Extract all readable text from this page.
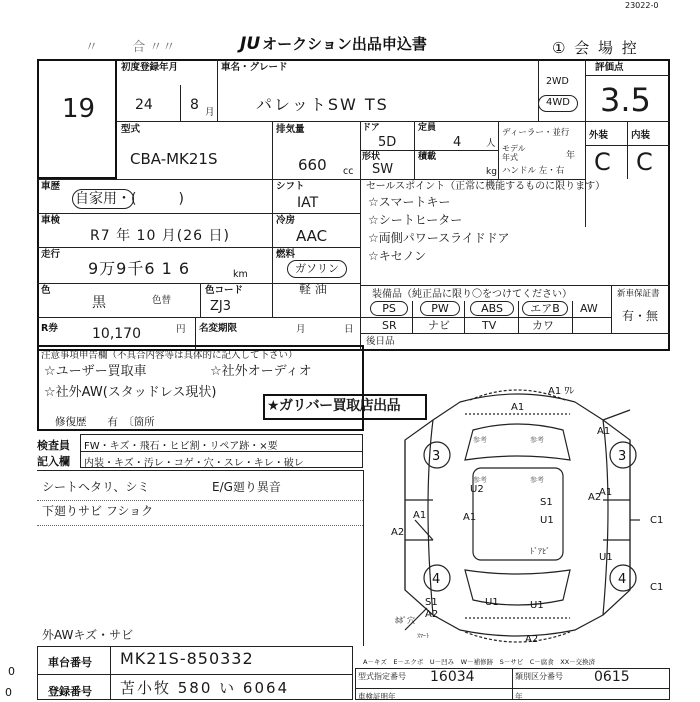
23022-0
JU オークション出品申込書	① 会 場 控
〃 　　 合 〃〃
19
初度登録年月
24	8 月
車名・グレード
パレットSW TS
2WD
4WD
評価点
3.5
型式
CBA-MK21S
排気量
660 cc
ドア
5D
形状
SW
定員
4	人
積載
kg
ディーラー・並行
モデル年式	年
ハンドル 左・右
外装 内装
C C
車歴
自家用・(　　　)
シフト
IAT
車検
R7 年 10 月(26 日)
冷房
AAC
走行
9万9千6 1 6	km
燃料
ガソリン
軽 油
色
黒	色替
色コード
ZJ3
R券 10,170	円 名変期限	月	日
セールスポイント（正常に機能するものに限ります）
☆スマートキー
☆シートヒーター
☆両側パワースライドドア
☆キセノン
装備品（純正品に限り〇をつけてください）	新車保証書
有・無
PS	PW	ABS	エアB	AW
SR	ナビ	TV	カワ
後日品
注意事項申告欄（不具合内容等は具体的に記入して下さい）
☆ユーザー買取車	☆社外オーディオ
☆社外AW(スタッドレス現状)
修復歴　　有　〔箇所
★ガリバー買取店出品
検査員
記入欄
FW・キズ・飛石・ヒビ割・リペア跡・×要
内装・キズ・汚レ・コゲ・穴・スレ・キレ・破レ
シートヘタリ、シミ	E/G廻り異音
下廻りサビ フショク
外AWキズ・サビ
0
0
車台番号 MK21S-850332
登録番号 苫小牧 580 い 6064
A－キズ　E－エクボ　U－凹み　W－補修跡　S－サビ　C－腐食　XX－交換済
型式指定番号 16034	類別区分番号 0615
車検証明年	年
A1 ﾜﾚ
A1
U2
A1
A1
A1
S1	A2
C1
A2
A1	U1
U1
C1
ﾄﾞｱﾋﾞ
S1	U1	U1
A2
A2
ﾎﾎﾟ穴
ｽﾏｰﾄ
3	3
4	4
参考	参考
参考	参考
